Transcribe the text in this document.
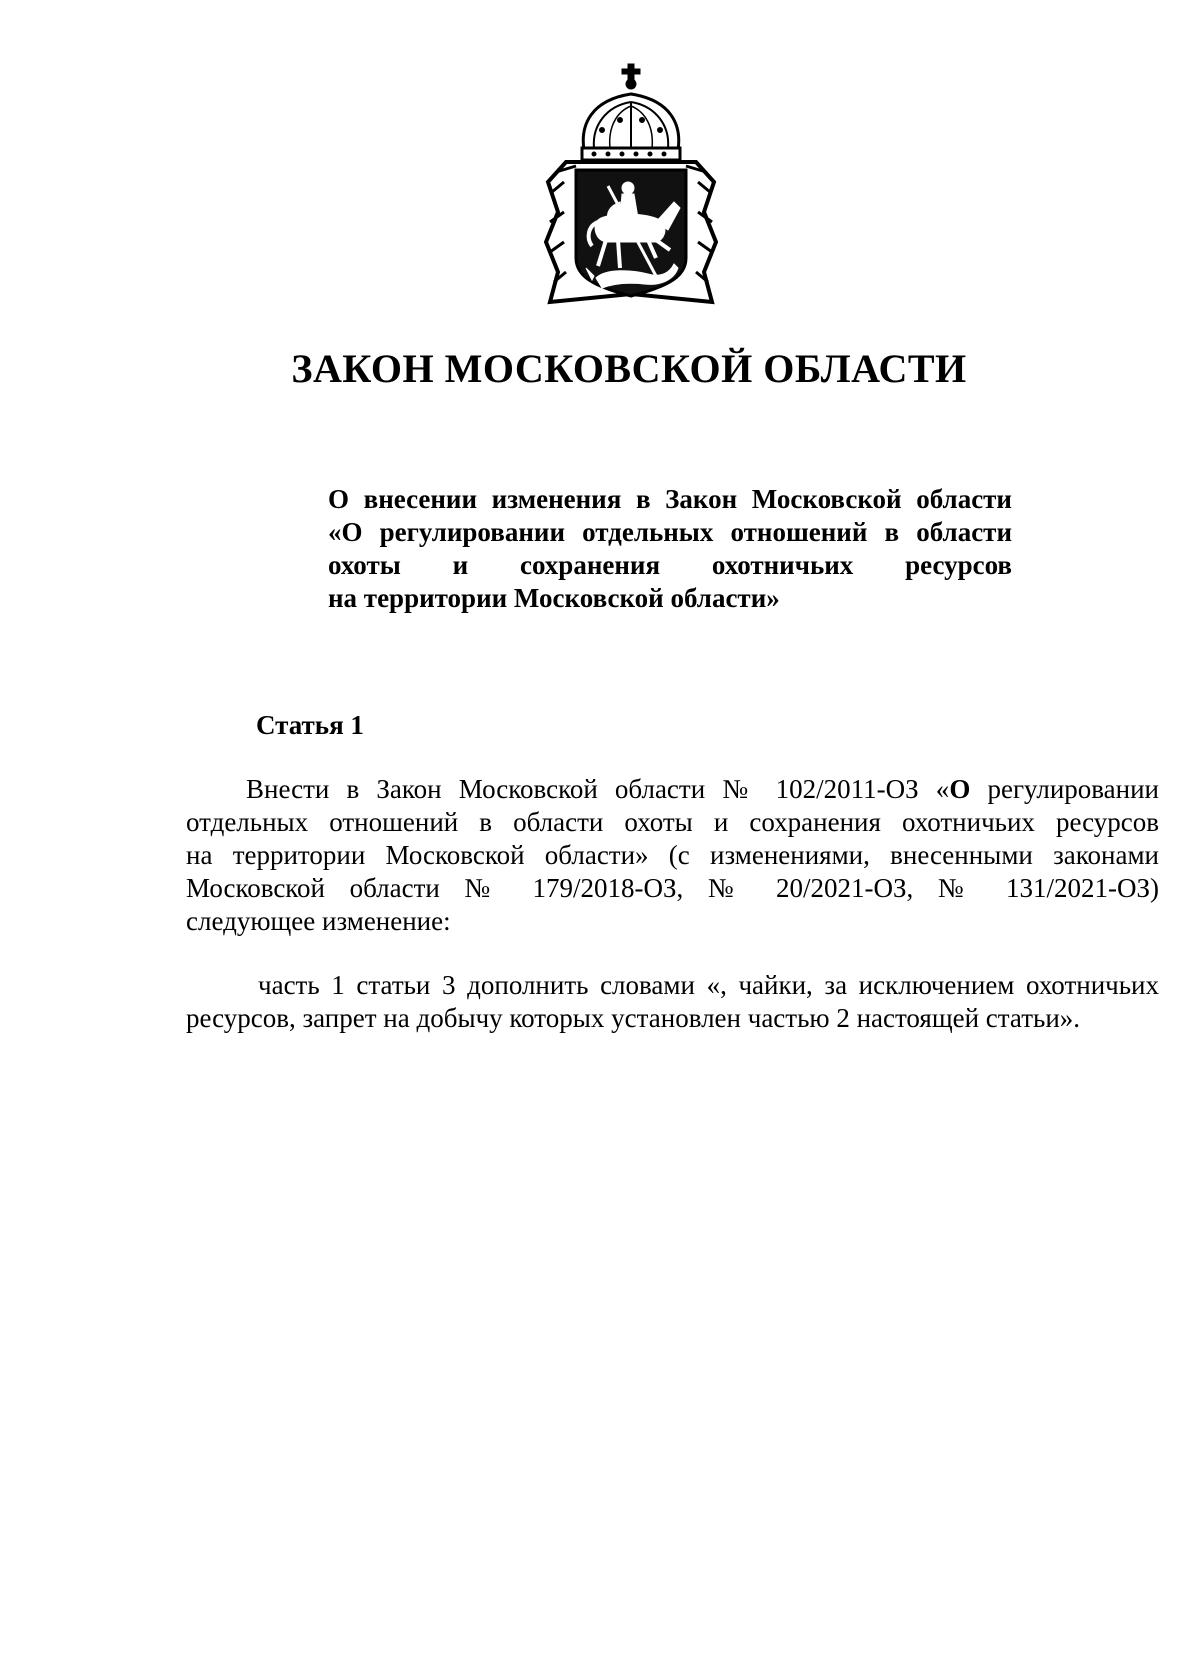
ЗАКОН МОСКОВСКОЙ ОБЛАСТИ
О внесении изменения в Закон Московской области
«О регулировании отдельных отношений в области
охоты и сохранения охотничьих ресурсов
на территории Московской области»
Статья 1
Внести в Закон Московской области № 102/2011-ОЗ «О регулировании
отдельных отношений в области охоты и сохранения охотничьих ресурсов
на территории Московской области» (с изменениями, внесенными законами
Московской области № 179/2018-ОЗ, № 20/2021-ОЗ, № 131/2021-ОЗ)
следующее изменение:
часть 1 статьи 3 дополнить словами «, чайки, за исключением охотничьих
ресурсов, запрет на добычу которых установлен частью 2 настоящей статьи».
